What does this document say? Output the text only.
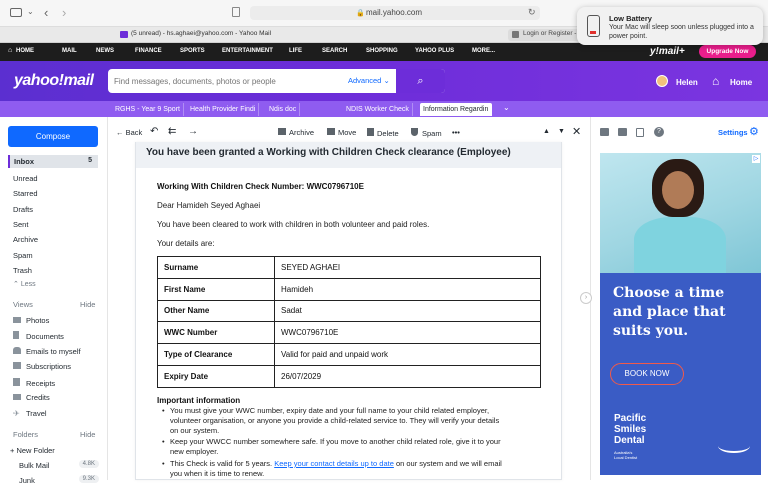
⌄ ‹ ›	🔒 mail.yahoo.com	↻
Low Battery
Your Mac will sleep soon unless plugged into a power point.
(5 unread) - hs.aghaei@yahoo.com - Yahoo Mail	Login or Register -
⌂ HOME	MAIL	NEWS	FINANCE	SPORTS	ENTERTAINMENT	LIFE	SEARCH	SHOPPING	YAHOO PLUS	MORE...	y!mail+	Upgrade Now
yahoo!mail
Find messages, documents, photos or people	Advanced ⌄	⌕	Helen ⌂ Home
RGHS - Year 9 Sport	Health Provider Findi	Ndis doc	NDIS Worker Check	Information Regardin	⌄
Compose
Inbox	5
Unread
Starred
Drafts
Sent
Archive
Spam
Trash
⌃ Less
Views	Hide
Photos
Documents
Emails to myself
Subscriptions
Receipts
Credits
✈ Travel
Folders	Hide
+ New Folder
Bulk Mail	4.8K
Junk	9.3K
← Back ↶ ⇇ →	Archive	Move	Delete	Spam •••	▲ ▼ ✕
You have been granted a Working with Children Check clearance (Employee)
Working With Children Check Number: WWC0796710E
Dear Hamideh Seyed Aghaei
You have been cleared to work with children in both volunteer and paid roles.
Your details are:
Surname	SEYED AGHAEI
First Name	Hamideh
Other Name	Sadat
WWC Number	WWC0796710E
Type of Clearance	Valid for paid and unpaid work
Expiry Date	26/07/2029
Important information
• You must give your WWC number, expiry date and your full name to your child related employer,
volunteer organisation, or anyone you provide a child-related service to. They will verify your details
on our system.
• Keep your WWCC number somewhere safe. If you move to another child related role, give it to your
new employer.
• This Check is valid for 5 years. Keep your contact details up to date on our system and we will email
you when it is time to renew.
›
?	Settings ⚙
▷
Choose a time
and place that
suits you.
BOOK NOW
Pacific
Smiles
Dental
Australia's
Local Dentist
